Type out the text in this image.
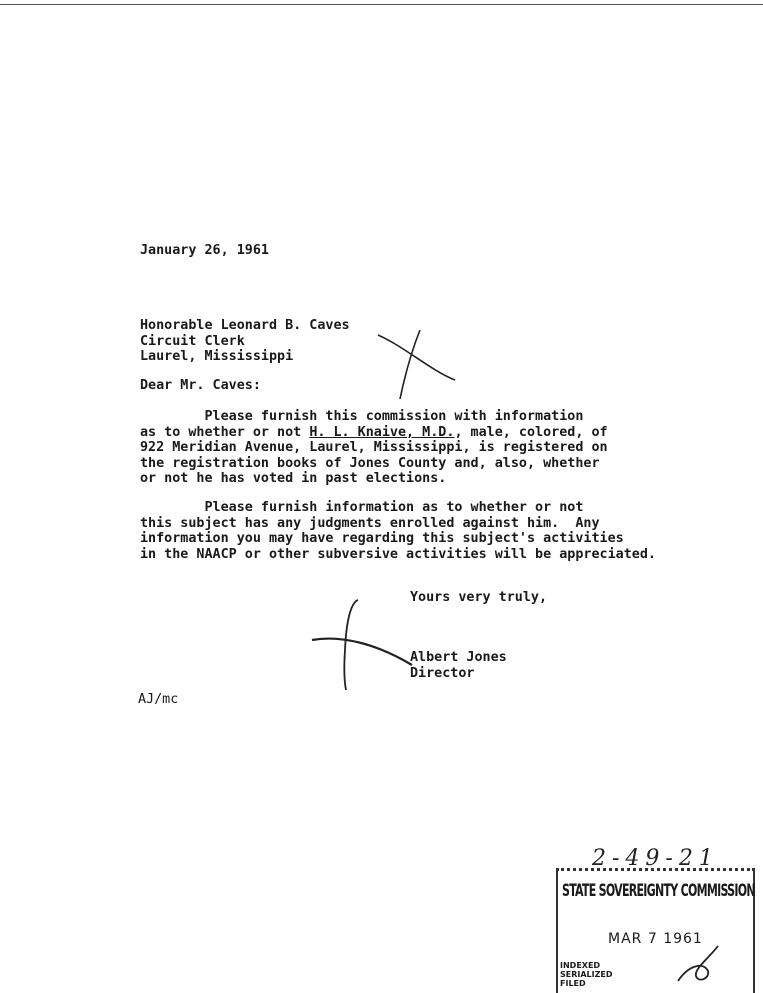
January 26, 1961
Honorable Leonard B. Caves
Circuit Clerk
Laurel, Mississippi
Dear Mr. Caves:
Please furnish this commission with information
as to whether or not H. L. Knaive, M.D., male, colored, of
922 Meridian Avenue, Laurel, Mississippi, is registered on
the registration books of Jones County and, also, whether
or not he has voted in past elections.
Please furnish information as to whether or not
this subject has any judgments enrolled against him.  Any
information you may have regarding this subject's activities
in the NAACP or other subversive activities will be appreciated.
Yours very truly,
Albert Jones
Director
AJ/mc
2-49-21
STATE SOVEREIGNTY COMMISSION
MAR 7 1961
INDEXED
SERIALIZED
FILED
